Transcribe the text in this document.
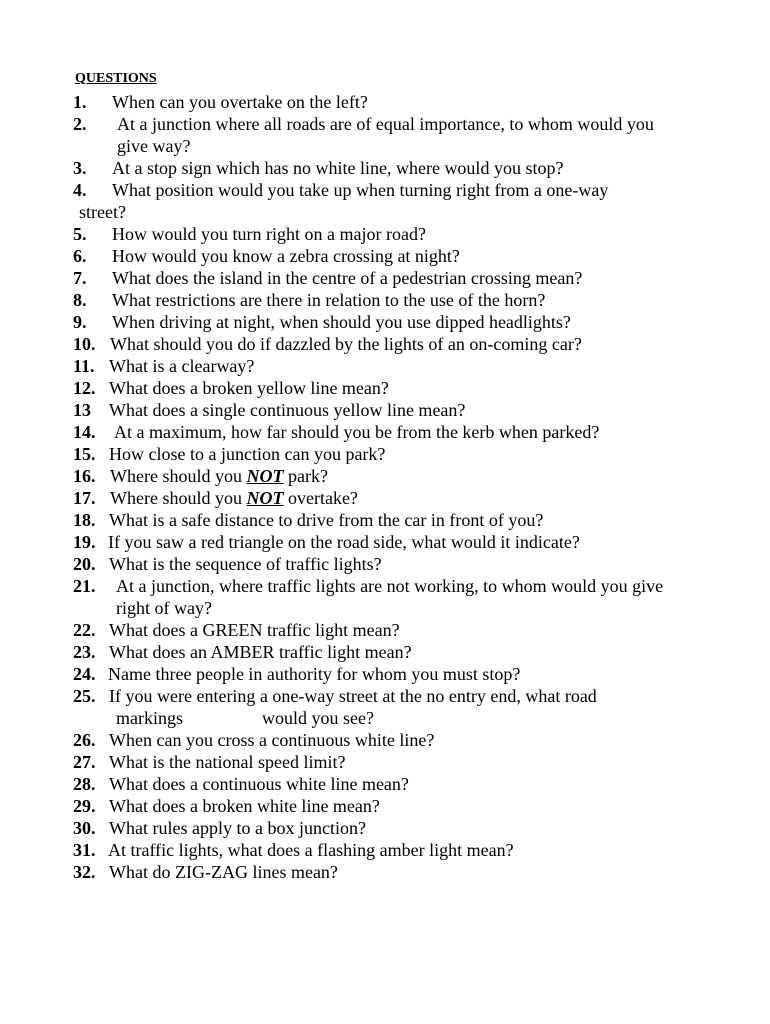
QUESTIONS
1. When can you overtake on the left?
2. At a junction where all roads are of equal importance, to whom would you
give way?
3. At a stop sign which has no white line, where would you stop?
4. What position would you take up when turning right from a one-way
street?
5. How would you turn right on a major road?
6. How would you know a zebra crossing at night?
7. What does the island in the centre of a pedestrian crossing mean?
8. What restrictions are there in relation to the use of the horn?
9. When driving at night, when should you use dipped headlights?
10. What should you do if dazzled by the lights of an on-coming car?
11. What is a clearway?
12. What does a broken yellow line mean?
13 What does a single continuous yellow line mean?
14. At a maximum, how far should you be from the kerb when parked?
15. How close to a junction can you park?
16. Where should you NOT park?
17. Where should you NOT overtake?
18. What is a safe distance to drive from the car in front of you?
19. If you saw a red triangle on the road side, what would it indicate?
20. What is the sequence of traffic lights?
21. At a junction, where traffic lights are not working, to whom would you give
right of way?
22. What does a GREEN traffic light mean?
23. What does an AMBER traffic light mean?
24. Name three people in authority for whom you must stop?
25. If you were entering a one-way street at the no entry end, what road
markings	would you see?
26. When can you cross a continuous white line?
27. What is the national speed limit?
28. What does a continuous white line mean?
29. What does a broken white line mean?
30. What rules apply to a box junction?
31. At traffic lights, what does a flashing amber light mean?
32. What do ZIG-ZAG lines mean?
